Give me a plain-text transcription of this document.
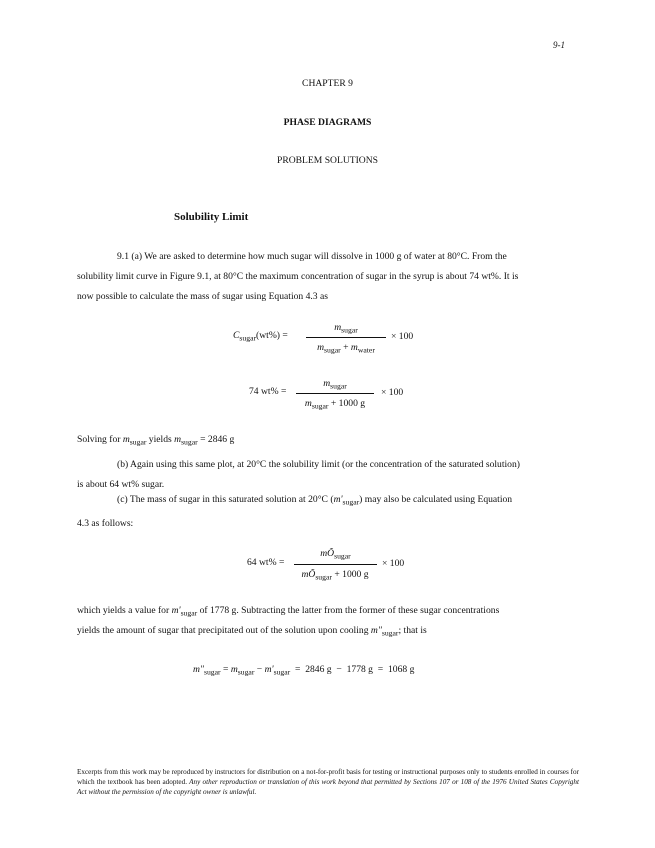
9-1
CHAPTER 9
PHASE DIAGRAMS
PROBLEM SOLUTIONS
Solubility Limit
9.1 (a) We are asked to determine how much sugar will dissolve in 1000 g of water at 80°C. From the
solubility limit curve in Figure 9.1, at 80°C the maximum concentration of sugar in the syrup is about 74 wt%. It is
now possible to calculate the mass of sugar using Equation 4.3 as
$C_{sugar}(wt\%)$ =
$m_{sugar}$
$m_{sugar} + m_{water}$
× 100
74 wt% =
$m_{sugar}$
$m_{sugar} + 1000$ g
× 100
Solving for $m_{sugar}$ yields $m_{sugar} = 2846$ g
(b) Again using this same plot, at 20°C the solubility limit (or the concentration of the saturated solution)
is about 64 wt% sugar.
(c) The mass of sugar in this saturated solution at 20°C $(m'_{sugar})$ may also be calculated using Equation
4.3 as follows:
64 wt% =
$mÕ_{sugar}$
$mÕ_{sugar} + 1000$ g
× 100
which yields a value for $m'_{sugar}$ of 1778 g. Subtracting the latter from the former of these sugar concentrations
yields the amount of sugar that precipitated out of the solution upon cooling $m"_{sugar}$; that is
$m"_{sugar} = m_{sugar} - m'_{sugar} = 2846$ g  −  1778 g  =  1068 g
Excerpts from this work may be reproduced by instructors for distribution on a not-for-profit basis for testing or instructional purposes only to students enrolled in courses for which the textbook has been adopted. Any other reproduction or translation of this work beyond that permitted by Sections 107 or 108 of the 1976 United States Copyright Act without the permission of the copyright owner is unlawful.
